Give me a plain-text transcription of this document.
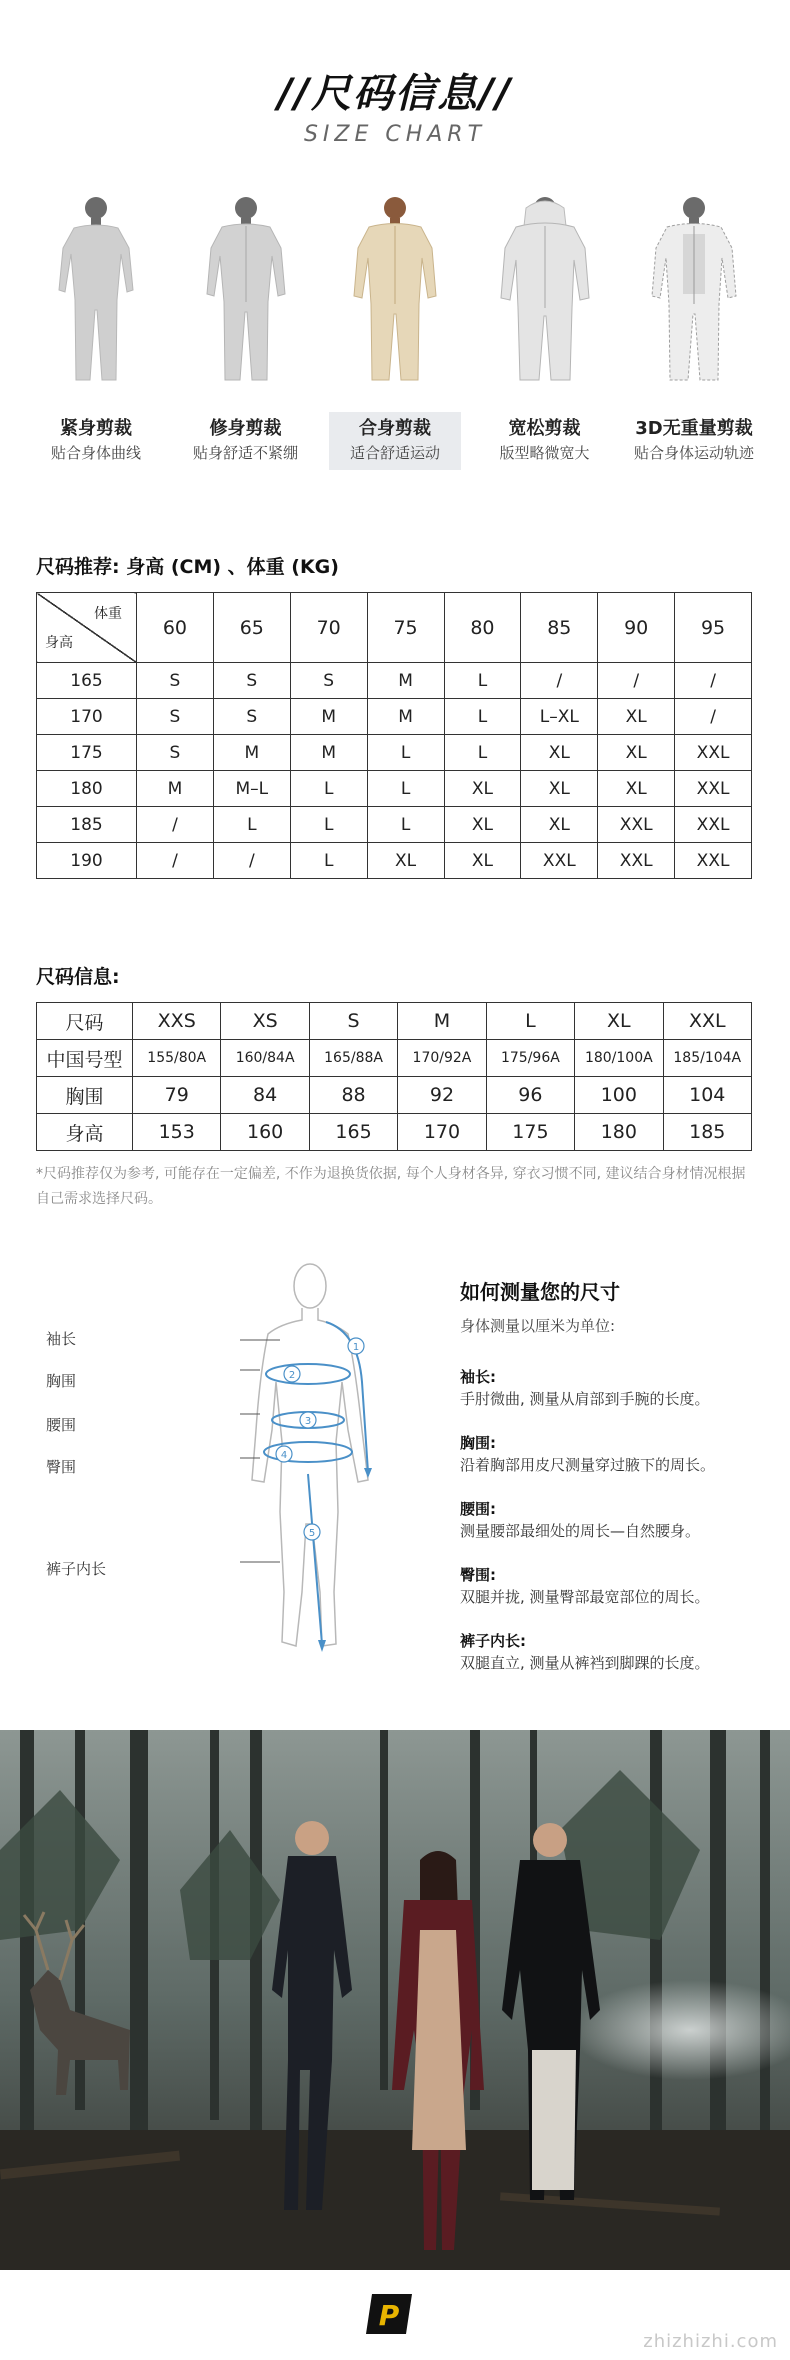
//尺码信息//
SIZE CHART
紧身剪裁
贴合身体曲线
修身剪裁
贴身舒适不紧绷
合身剪裁
适合舒适运动
宽松剪裁
版型略微宽大
3D无重量剪裁
贴合身体运动轨迹
尺码推荐: 身高 (CM) 、体重 (KG)
体重
身高	60	65	70	75	80	85	90	95
165	S	S	S	M	L	/	/	/
170	S	S	M	M	L	L–XL	XL	/
175	S	M	M	L	L	XL	XL	XXL
180	M	M–L	L	L	XL	XL	XL	XXL
185	/	L	L	L	XL	XL	XXL	XXL
190	/	/	L	XL	XL	XXL	XXL	XXL
尺码信息:
尺码	XXS	XS	S	M	L	XL	XXL
中国号型	155/80A	160/84A	165/88A	170/92A	175/96A	180/100A	185/104A
胸围	79	84	88	92	96	100	104
身高	153	160	165	170	175	180	185
*尺码推荐仅为参考, 可能存在一定偏差, 不作为退换货依据, 每个人身材各异, 穿衣习惯不同, 建议结合身材情况根据自己需求选择尺码。
袖长
胸围
腰围
臀围
裤子内长
1
2
3
4
5
如何测量您的尺寸
身体测量以厘米为单位:
袖长:
手肘微曲, 测量从肩部到手腕的长度。
胸围:
沿着胸部用皮尺测量穿过腋下的周长。
腰围:
测量腰部最细处的周长—自然腰身。
臀围:
双腿并拢, 测量臀部最宽部位的周长。
裤子内长:
双腿直立, 测量从裤裆到脚踝的长度。
P
zhizhizhi.com
